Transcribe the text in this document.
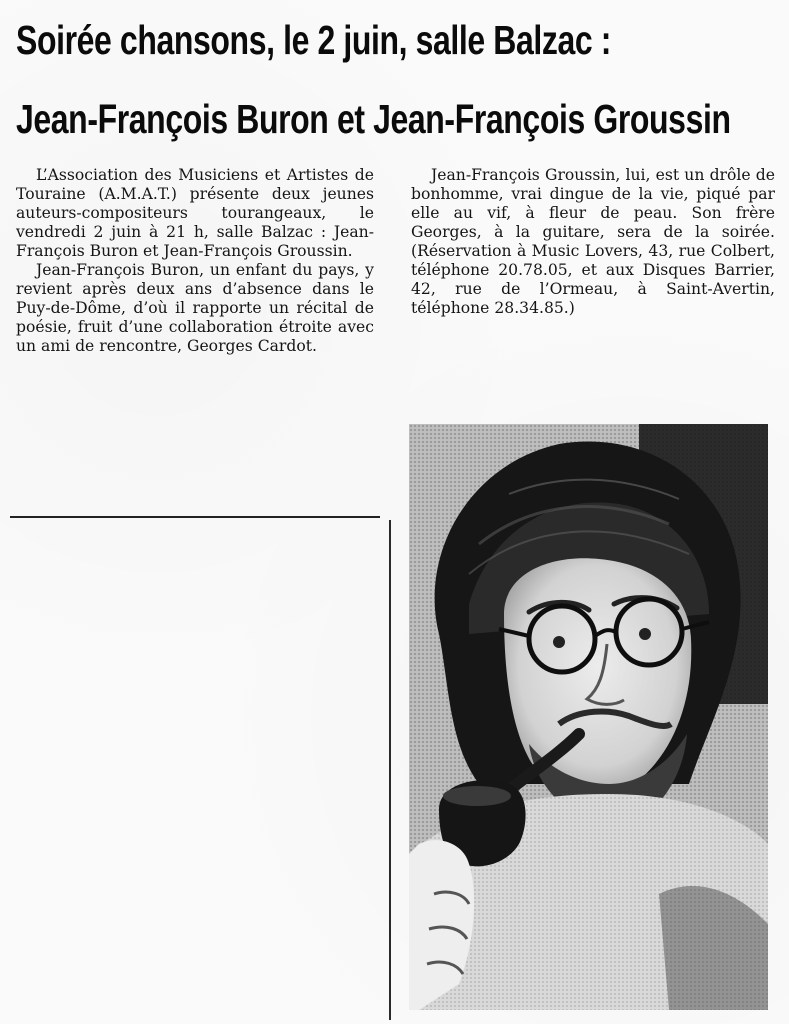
Soirée chansons, le 2 juin, salle Balzac :
Jean-François Buron et Jean-François Groussin

L’Association des Musiciens et Artistes de Touraine (A.M.A.T.) présente deux jeunes auteurs-compositeurs tourangeaux, le vendredi 2 juin à 21 h, salle Balzac : Jean-François Buron et Jean-François Groussin.

Jean-François Buron, un enfant du pays, y revient après deux ans d’absence dans le Puy-de-Dôme, d’où il rapporte un récital de poésie, fruit d’une collaboration étroite avec un ami de rencontre, Georges Cardot.

Jean-François Groussin, lui, est un drôle de bonhomme, vrai dingue de la vie, piqué par elle au vif, à fleur de peau. Son frère Georges, à la guitare, sera de la soirée. (Réservation à Music Lovers, 43, rue Colbert, téléphone 20.78.05, et aux Disques Barrier, 42, rue de l’Ormeau, à Saint-Avertin, téléphone 28.34.85.)
